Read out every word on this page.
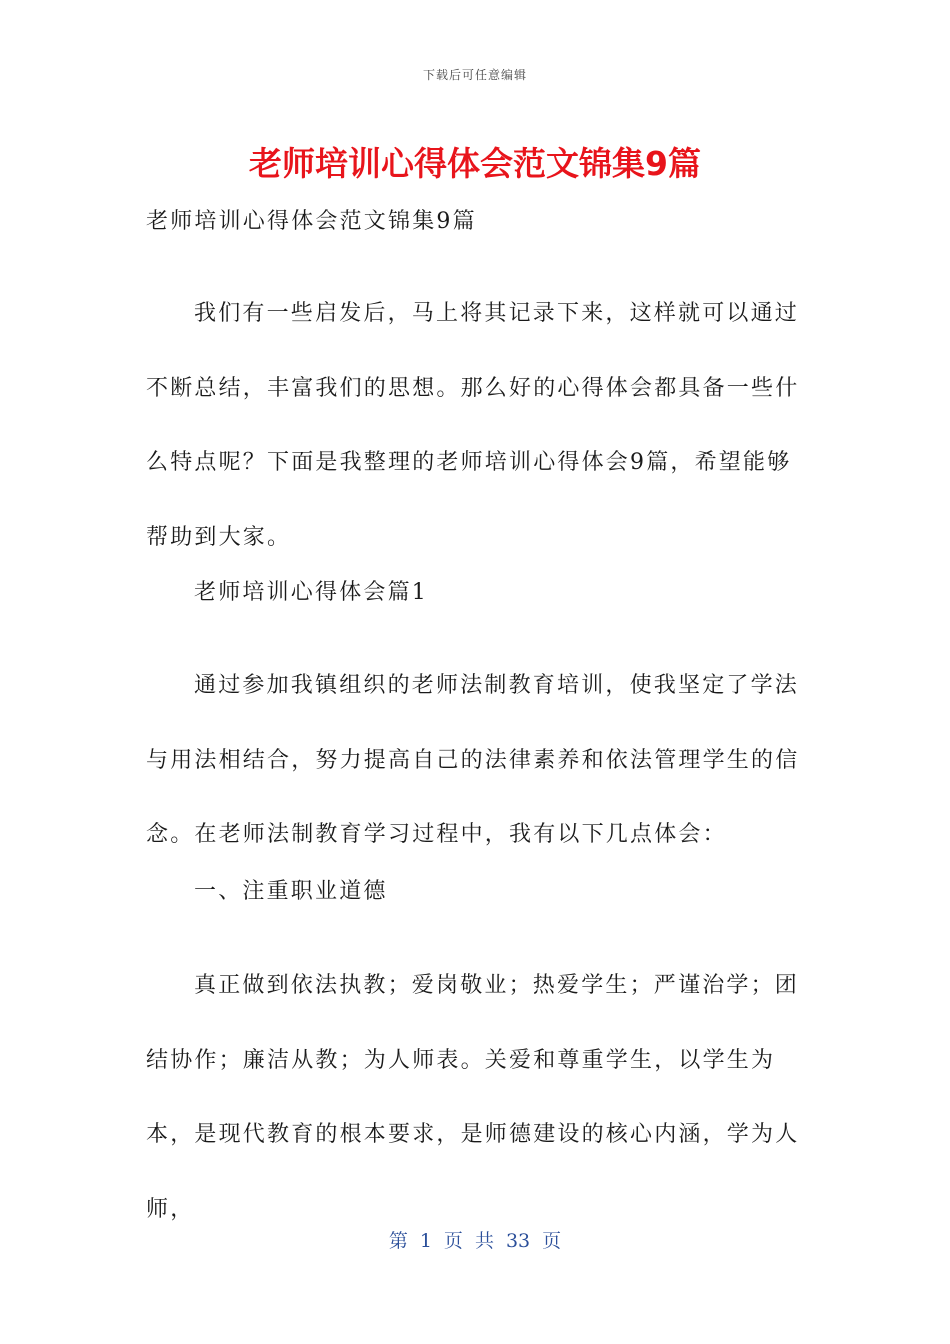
下载后可任意编辑
老师培训心得体会范文锦集9篇

老师培训心得体会范文锦集9篇

我们有一些启发后，马上将其记录下来，这样就可以通过不断总结，丰富我们的思想。那么好的心得体会都具备一些什么特点呢？下面是我整理的老师培训心得体会9篇，希望能够帮助到大家。

老师培训心得体会篇1

通过参加我镇组织的老师法制教育培训，使我坚定了学法与用法相结合，努力提高自己的法律素养和依法管理学生的信念。在老师法制教育学习过程中，我有以下几点体会：

一、注重职业道德

真正做到依法执教；爱岗敬业；热爱学生；严谨治学；团结协作；廉洁从教；为人师表。关爱和尊重学生，以学生为本，是现代教育的根本要求，是师德建设的核心内涵，学为人师，

第 1 页 共 33 页
